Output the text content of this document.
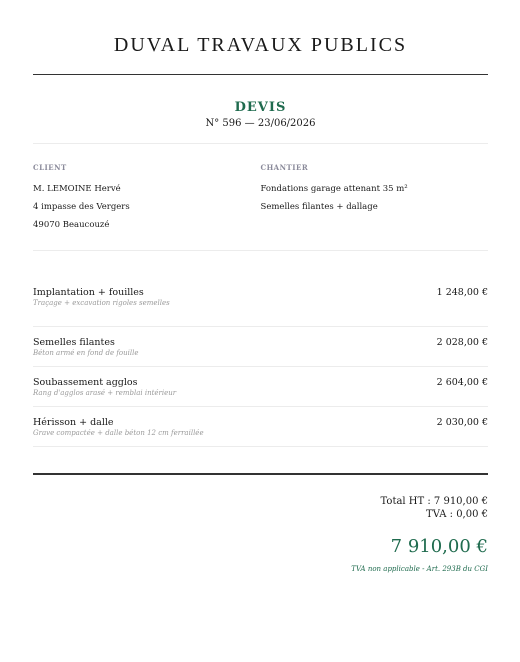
DUVAL TRAVAUX PUBLICS
DEVIS
N° 596 — 23/06/2026
CLIENT
M. LEMOINE Hervé
4 impasse des Vergers
49070 Beaucouzé
CHANTIER
Fondations garage attenant 35 m²
Semelles filantes + dallage
Implantation + fouilles
Traçage + excavation rigoles semelles
1 248,00 €
Semelles filantes
Béton armé en fond de fouille
2 028,00 €
Soubassement agglos
Rang d'agglos arasé + remblai intérieur
2 604,00 €
Hérisson + dalle
Grave compactée + dalle béton 12 cm ferraillée
2 030,00 €
Total HT : 7 910,00 €
TVA : 0,00 €
7 910,00 €
TVA non applicable - Art. 293B du CGI
